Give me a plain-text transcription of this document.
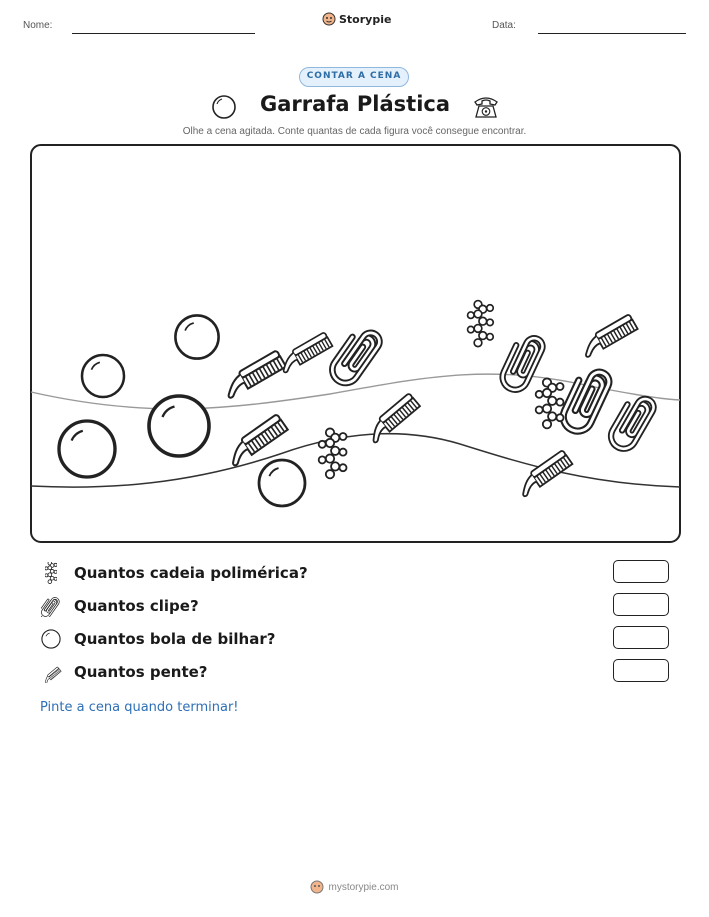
Nome:	Storypie	Data:
CONTAR A CENA
Garrafa Plástica
Olhe a cena agitada. Conte quantas de cada figura você consegue encontrar.
Quantos cadeia polimérica?
Quantos clipe?
Quantos bola de bilhar?
Quantos pente?
Pinte a cena quando terminar!
mystorypie.com
